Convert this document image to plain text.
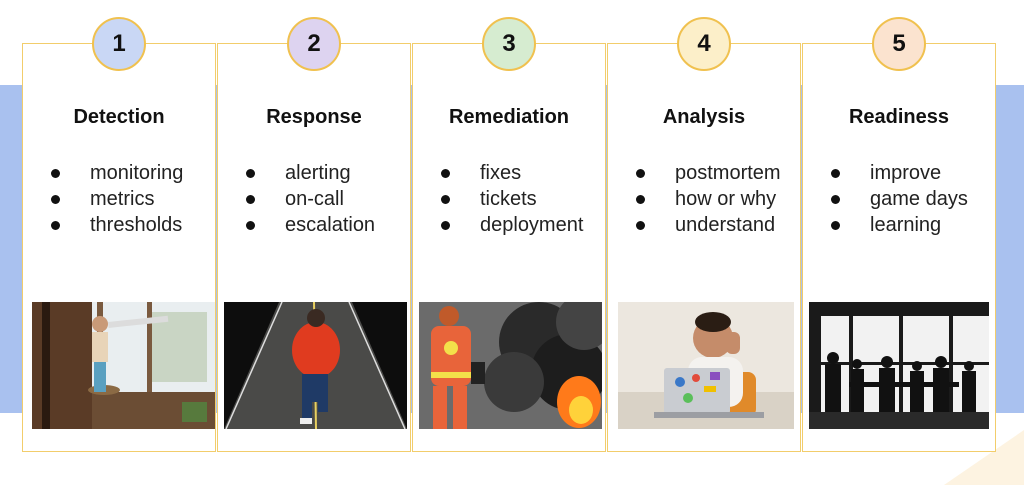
1
Detection
monitoring
metrics
thresholds
2
Response
alerting
on-call
escalation
3
Remediation
fixes
tickets
deployment
4
Analysis
postmortem
how or why
understand
5
Readiness
improve
game days
learning
